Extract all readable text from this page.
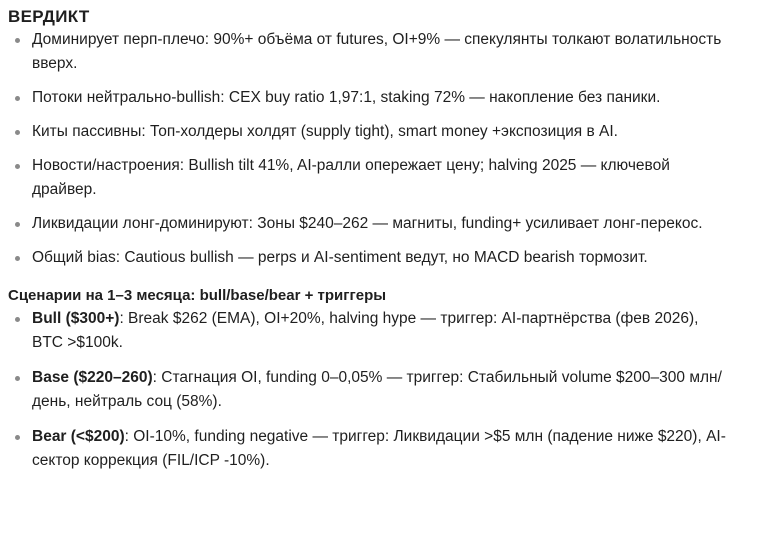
ВЕРДИКТ
Доминирует перп-плечо: 90%+ объёма от futures, OI+9% — спекулянты толкают волатильность вверх.
Потоки нейтрально-bullish: CEX buy ratio 1,97:1, staking 72% — накопление без паники.
Киты пассивны: Топ-холдеры холдят (supply tight), smart money +экспозиция в AI.
Новости/настроения: Bullish tilt 41%, AI-ралли опережает цену; halving 2025 — ключевой драйвер.
Ликвидации лонг-доминируют: Зоны $240–262 — магниты, funding+ усиливает лонг-перекос.
Общий bias: Cautious bullish — perps и AI-sentiment ведут, но MACD bearish тормозит.
Сценарии на 1–3 месяца: bull/base/bear + триггеры
Bull ($300+): Break $262 (EMA), OI+20%, halving hype — триггер: AI-партнёрства (фев 2026), BTC >$100k.
Base ($220–260): Стагнация OI, funding 0–0,05% — триггер: Стабильный volume $200–300 млн/день, нейтраль соц (58%).
Bear (<$200): OI-10%, funding negative — триггер: Ликвидации >$5 млн (падение ниже $220), AI-сектор коррекция (FIL/ICP -10%).
